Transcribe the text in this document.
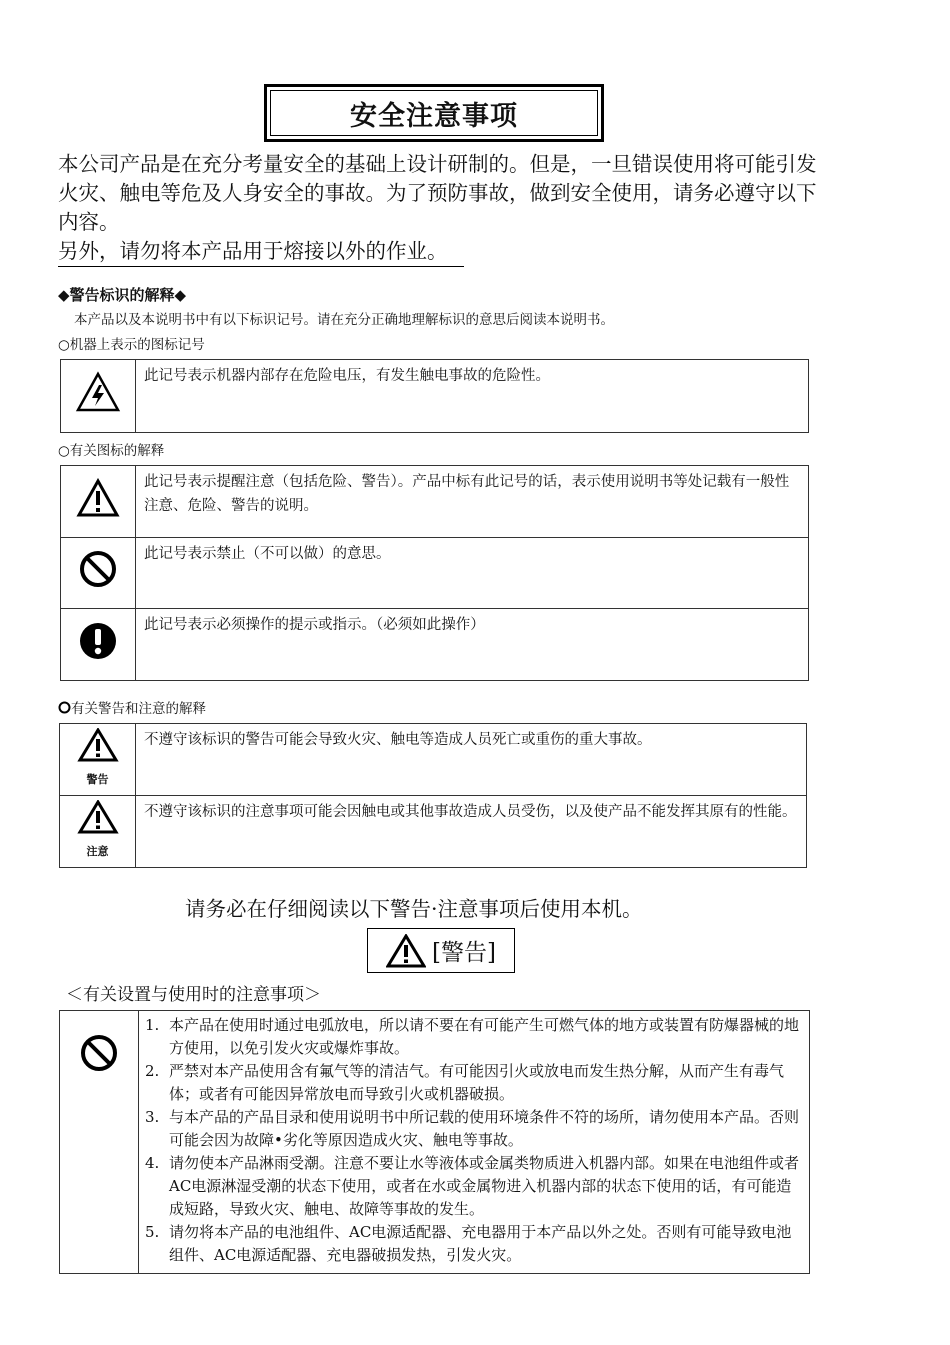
安全注意事项
本公司产品是在充分考量安全的基础上设计研制的。但是，一旦错误使用将可能引发火灾、触电等危及人身安全的事故。为了预防事故，做到安全使用，请务必遵守以下内容。
另外，请勿将本产品用于熔接以外的作业。
◆警告标识的解释◆
本产品以及本说明书中有以下标识记号。请在充分正确地理解标识的意思后阅读本说明书。
○机器上表示的图标记号
	此记号表示机器内部存在危险电压，有发生触电事故的危险性。
○有关图标的解释
	此记号表示提醒注意（包括危险、警告）。产品中标有此记号的话，表示使用说明书等处记载有一般性注意、危险、警告的说明。
	此记号表示禁止（不可以做）的意思。
	此记号表示必须操作的提示或指示。（必须如此操作）
有关警告和注意的解释
警告	不遵守该标识的警告可能会导致火灾、触电等造成人员死亡或重伤的重大事故。

注意	不遵守该标识的注意事项可能会因触电或其他事故造成人员受伤，以及使产品不能发挥其原有的性能。
请务必在仔细阅读以下警告·注意事项后使用本机。
[警告]
＜有关设置与使用时的注意事项＞

1. 本产品在使用时通过电弧放电，所以请不要在有可能产生可燃气体的地方或装置有防爆器械的地方使用，以免引发火灾或爆炸事故。
2. 严禁对本产品使用含有氟气等的清洁气。有可能因引火或放电而发生热分解，从而产生有毒气体；或者有可能因异常放电而导致引火或机器破损。
3. 与本产品的产品目录和使用说明书中所记载的使用环境条件不符的场所，请勿使用本产品。否则可能会因为故障•劣化等原因造成火灾、触电等事故。
4. 请勿使本产品淋雨受潮。注意不要让水等液体或金属类物质进入机器内部。如果在电池组件或者AC电源淋湿受潮的状态下使用，或者在水或金属物进入机器内部的状态下使用的话，有可能造成短路，导致火灾、触电、故障等事故的发生。
5. 请勿将本产品的电池组件、AC电源适配器、充电器用于本产品以外之处。否则有可能导致电池组件、AC电源适配器、充电器破损发热，引发火灾。
